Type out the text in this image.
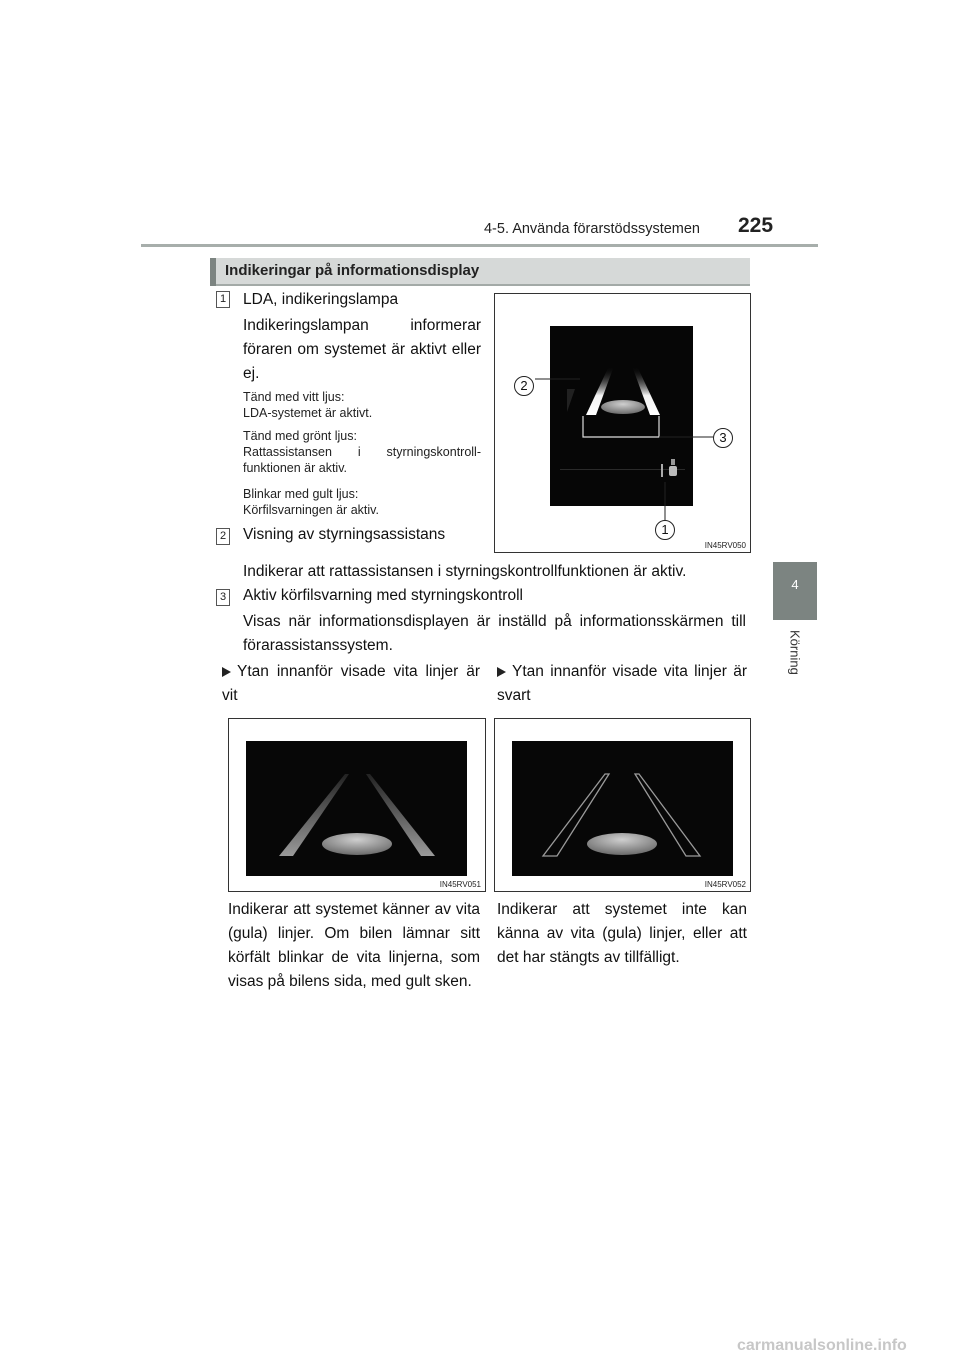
4-5. Använda förarstödssystemen 225
4
Körning
Indikeringar på informationsdisplay
1 LDA, indikeringslampa
Indikeringslampan informerar föraren om systemet är aktivt eller ej.
Tänd med vitt ljus:
LDA-systemet är aktivt.
Tänd med grönt ljus:
Rattassistansen i styrningskontroll-funktionen är aktiv.
Blinkar med gult ljus:
Körfilsvarningen är aktiv.
2 Visning av styrningsassistans
Indikerar att rattassistansen i styrningskontrollfunktionen är aktiv.
3 Aktiv körfilsvarning med styrningskontroll
Visas när informationsdisplayen är inställd på informationsskärmen till förarassistanssystem.
2
3
1
IN45RV050
Ytan innanför visade vita linjer är vit
Ytan innanför visade vita linjer är svart
IN45RV051	IN45RV052
Indikerar att systemet känner av vita (gula) linjer. Om bilen lämnar sitt körfält blinkar de vita linjerna, som visas på bilens sida, med gult sken.
Indikerar att systemet inte kan känna av vita (gula) linjer, eller att det har stängts av tillfälligt.
carmanualsonline.info
